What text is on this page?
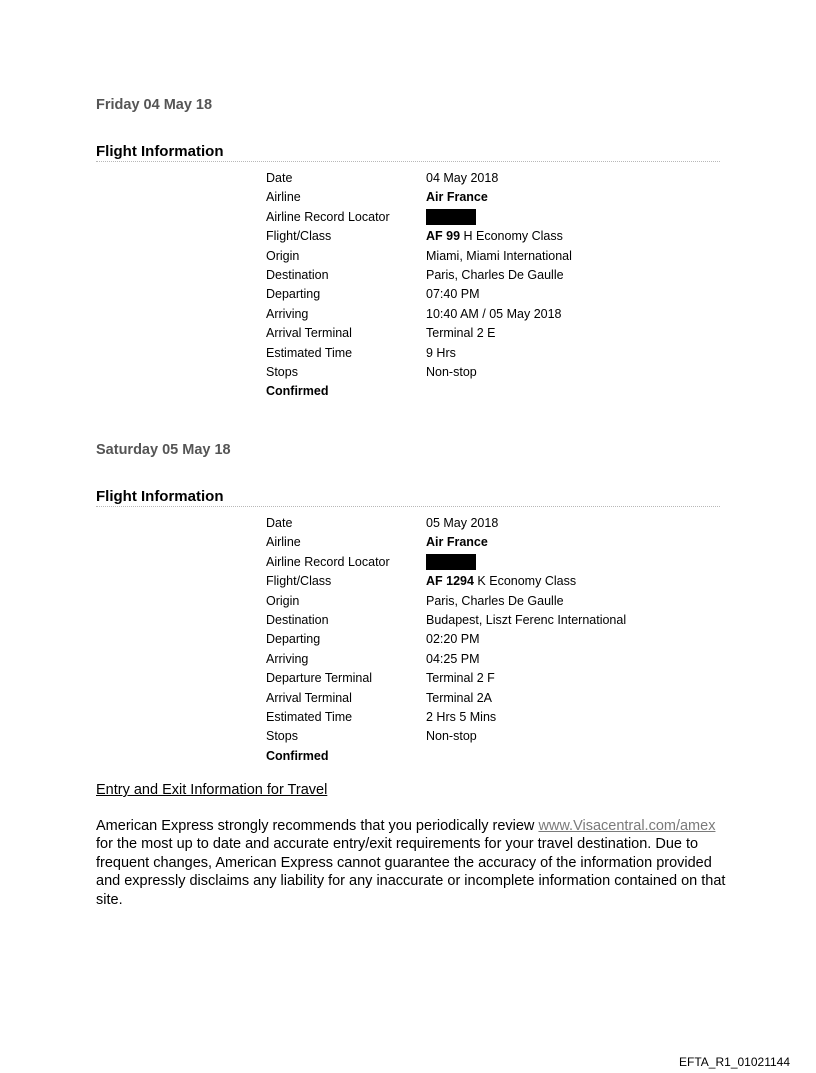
Friday 04 May 18
Flight Information
Date	04 May 2018
Airline	Air France
Airline Record Locator
Flight/Class	AF 99 H Economy Class
Origin	Miami, Miami International
Destination	Paris, Charles De Gaulle
Departing	07:40 PM
Arriving	10:40 AM / 05 May 2018
Arrival Terminal	Terminal 2 E
Estimated Time	9 Hrs
Stops	Non-stop
Confirmed
Saturday 05 May 18
Flight Information
Date	05 May 2018
Airline	Air France
Airline Record Locator
Flight/Class	AF 1294 K Economy Class
Origin	Paris, Charles De Gaulle
Destination	Budapest, Liszt Ferenc International
Departing	02:20 PM
Arriving	04:25 PM
Departure Terminal	Terminal 2 F
Arrival Terminal	Terminal 2A
Estimated Time	2 Hrs 5 Mins
Stops	Non-stop
Confirmed

Entry and Exit Information for Travel

American Express strongly recommends that you periodically review www.Visacentral.com/amex for the most up to date and accurate entry/exit requirements for your travel destination. Due to frequent changes, American Express cannot guarantee the accuracy of the information provided and expressly disclaims any liability for any inaccurate or incomplete information contained on that site.

EFTA_R1_01021144
